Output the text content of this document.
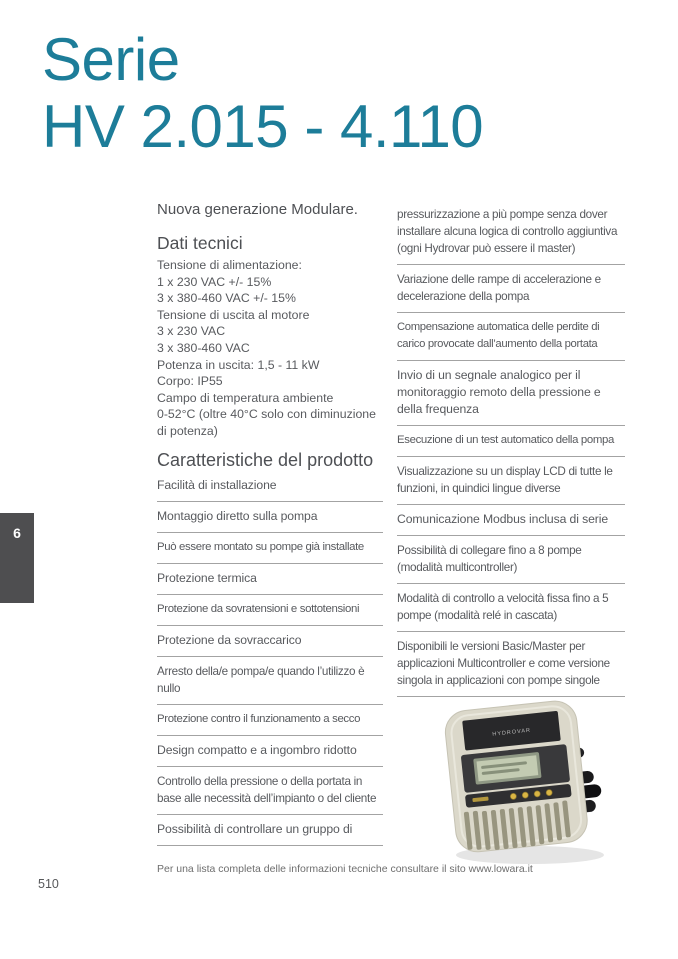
6
Serie
HV 2.015 - 4.110
Nuova generazione Modulare.
Dati tecnici
Tensione di alimentazione:
1 x 230 VAC +/- 15%
3 x 380-460 VAC +/- 15%
Tensione di uscita al motore
3 x 230 VAC
3 x 380-460 VAC
Potenza in uscita: 1,5 - 11 kW
Corpo: IP55
Campo di temperatura ambiente
0-52°C (oltre 40°C solo con diminuzione
di potenza)
Caratteristiche del prodotto
Facilità di installazione
Montaggio diretto sulla pompa
Può essere montato su pompe già installate
Protezione termica
Protezione da sovratensioni e sottotensioni
Protezione da sovraccarico
Arresto della/e pompa/e quando l’utilizzo è nullo
Protezione contro il funzionamento a secco
Design compatto e a ingombro ridotto
Controllo della pressione o della portata in base alle necessità dell’impianto o del cliente
Possibilità di controllare un gruppo di
pressurizzazione a più pompe senza dover installare alcuna logica di controllo aggiuntiva (ogni Hydrovar può essere il master)
Variazione delle rampe di accelerazione e decelerazione della pompa
Compensazione automatica delle perdite di carico provocate dall’aumento della portata
Invio di un segnale analogico per il monitoraggio remoto della pressione e della frequenza
Esecuzione di un test automatico della pompa
Visualizzazione su un display LCD di tutte le funzioni, in quindici lingue diverse
Comunicazione Modbus inclusa di serie
Possibilità di collegare fino a 8 pompe (modalità multicontroller)
Modalità di controllo a velocità fissa fino a 5 pompe (modalità relé in cascata)
Disponibili le versioni Basic/Master per applicazioni Multicontroller e come versione singola in applicazioni con pompe singole
HYDROVAR
Per una lista completa delle informazioni tecniche consultare il sito www.lowara.it
510
